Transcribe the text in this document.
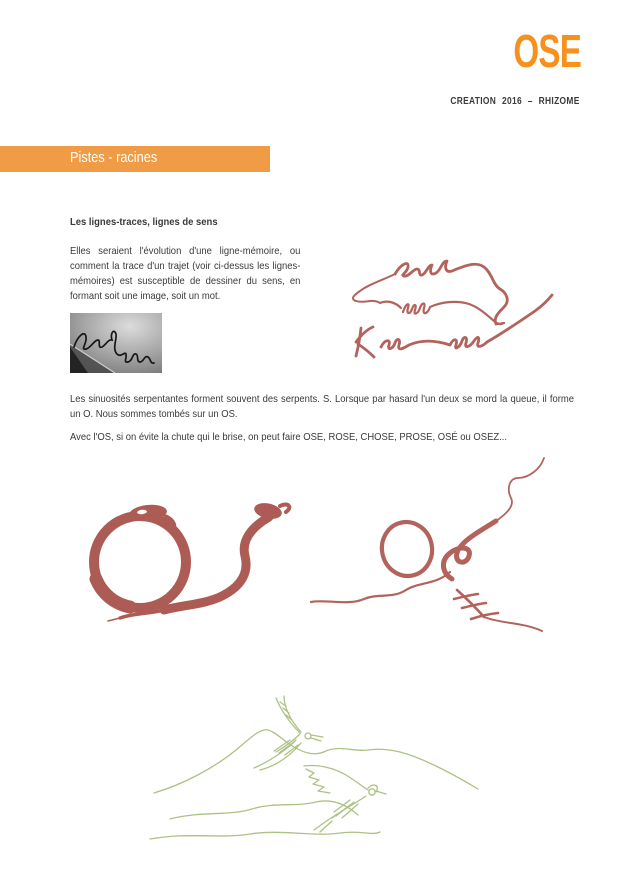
OSE
CREATION 2016 – RHIZOME
Pistes - racines
Les lignes-traces, lignes de sens
Elles seraient l'évolution d'une ligne-mémoire, ou comment la trace d'un trajet (voir ci-dessus les lignes-mémoires) est susceptible de dessiner du sens, en formant soit une image, soit un mot.
Les sinuosités serpentantes forment souvent des serpents. S. Lorsque par hasard l'un deux se mord la queue, il forme un O. Nous sommes tombés sur un OS.
Avec l'OS, si on évite la chute qui le brise, on peut faire OSE, ROSE, CHOSE, PROSE, OSÉ ou OSEZ...
